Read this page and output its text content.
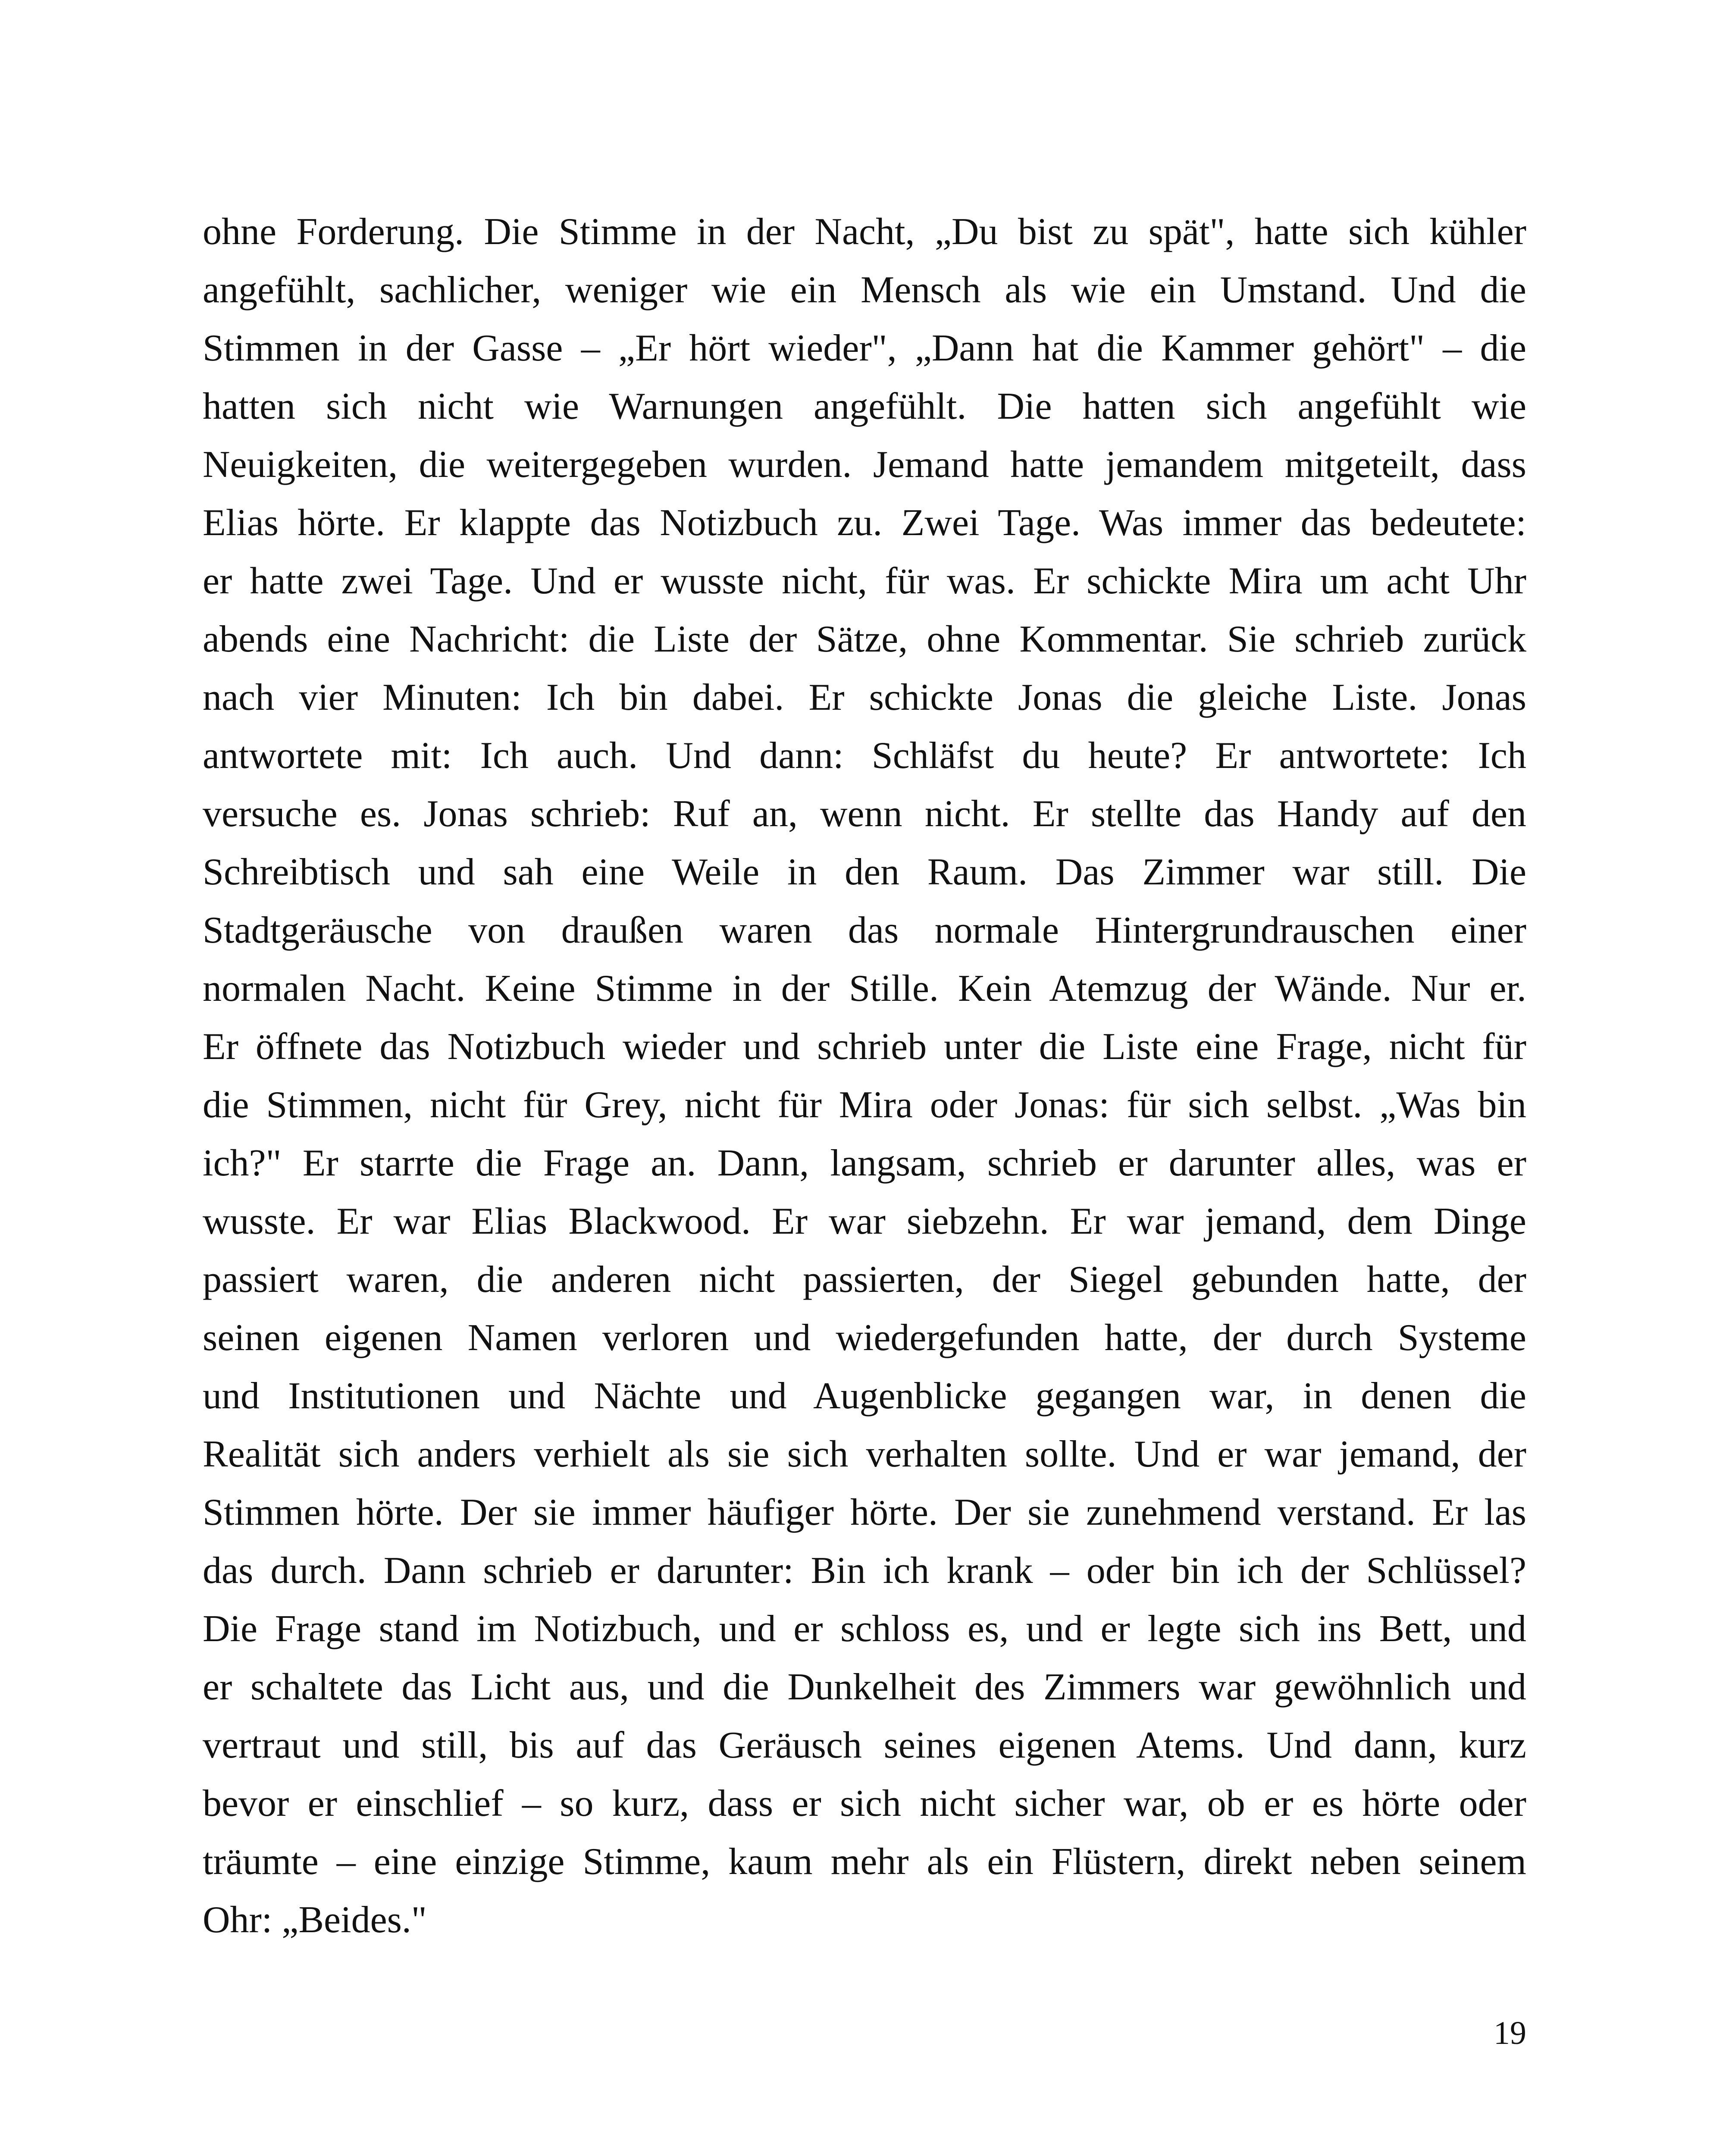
ohne Forderung. Die Stimme in der Nacht, „Du bist zu spät", hatte sich kühler
angefühlt, sachlicher, weniger wie ein Mensch als wie ein Umstand. Und die
Stimmen in der Gasse – „Er hört wieder", „Dann hat die Kammer gehört" – die
hatten sich nicht wie Warnungen angefühlt. Die hatten sich angefühlt wie
Neuigkeiten, die weitergegeben wurden. Jemand hatte jemandem mitgeteilt, dass
Elias hörte. Er klappte das Notizbuch zu. Zwei Tage. Was immer das bedeutete:
er hatte zwei Tage. Und er wusste nicht, für was. Er schickte Mira um acht Uhr
abends eine Nachricht: die Liste der Sätze, ohne Kommentar. Sie schrieb zurück
nach vier Minuten: Ich bin dabei. Er schickte Jonas die gleiche Liste. Jonas
antwortete mit: Ich auch. Und dann: Schläfst du heute? Er antwortete: Ich
versuche es. Jonas schrieb: Ruf an, wenn nicht. Er stellte das Handy auf den
Schreibtisch und sah eine Weile in den Raum. Das Zimmer war still. Die
Stadtgeräusche von draußen waren das normale Hintergrundrauschen einer
normalen Nacht. Keine Stimme in der Stille. Kein Atemzug der Wände. Nur er.
Er öffnete das Notizbuch wieder und schrieb unter die Liste eine Frage, nicht für
die Stimmen, nicht für Grey, nicht für Mira oder Jonas: für sich selbst. „Was bin
ich?" Er starrte die Frage an. Dann, langsam, schrieb er darunter alles, was er
wusste. Er war Elias Blackwood. Er war siebzehn. Er war jemand, dem Dinge
passiert waren, die anderen nicht passierten, der Siegel gebunden hatte, der
seinen eigenen Namen verloren und wiedergefunden hatte, der durch Systeme
und Institutionen und Nächte und Augenblicke gegangen war, in denen die
Realität sich anders verhielt als sie sich verhalten sollte. Und er war jemand, der
Stimmen hörte. Der sie immer häufiger hörte. Der sie zunehmend verstand. Er las
das durch. Dann schrieb er darunter: Bin ich krank – oder bin ich der Schlüssel?
Die Frage stand im Notizbuch, und er schloss es, und er legte sich ins Bett, und
er schaltete das Licht aus, und die Dunkelheit des Zimmers war gewöhnlich und
vertraut und still, bis auf das Geräusch seines eigenen Atems. Und dann, kurz
bevor er einschlief – so kurz, dass er sich nicht sicher war, ob er es hörte oder
träumte – eine einzige Stimme, kaum mehr als ein Flüstern, direkt neben seinem
Ohr: „Beides."
19
